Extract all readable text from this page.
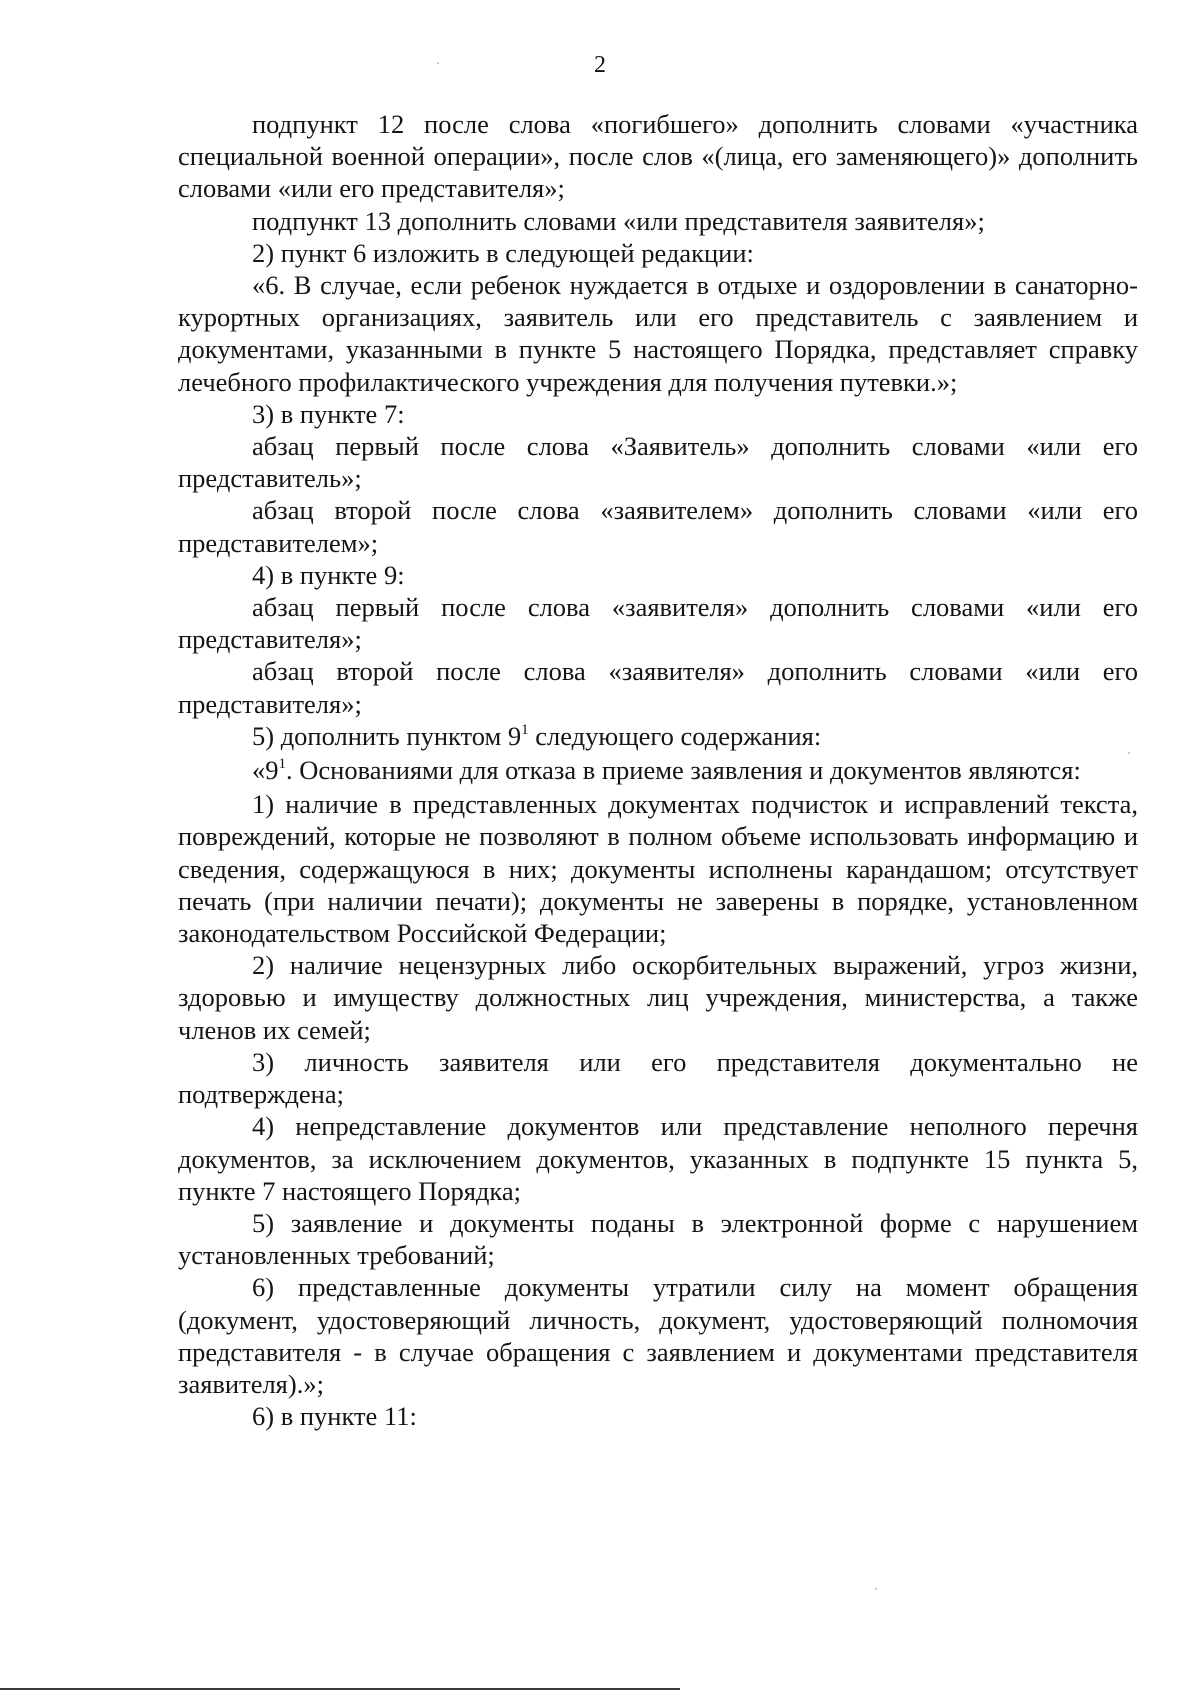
2

подпункт 12 после слова «погибшего» дополнить словами «участника специальной военной операции», после слов «(лица, его заменяющего)» дополнить словами «или его представителя»;

подпункт 13 дополнить словами «или представителя заявителя»;

2) пункт 6 изложить в следующей редакции:

«6. В случае, если ребенок нуждается в отдыхе и оздоровлении в санаторно-курортных организациях, заявитель или его представитель с заявлением и документами, указанными в пункте 5 настоящего Порядка, представляет справку лечебного профилактического учреждения для получения путевки.»;

3) в пункте 7:

абзац первый после слова «Заявитель» дополнить словами «или его представитель»;

абзац второй после слова «заявителем» дополнить словами «или его представителем»;

4) в пункте 9:

абзац первый после слова «заявителя» дополнить словами «или его представителя»;

абзац второй после слова «заявителя» дополнить словами «или его представителя»;

5) дополнить пунктом $9^1$ следующего содержания:

«$9^1$. Основаниями для отказа в приеме заявления и документов являются:

1) наличие в представленных документах подчисток и исправлений текста, повреждений, которые не позволяют в полном объеме использовать информацию и сведения, содержащуюся в них; документы исполнены карандашом; отсутствует печать (при наличии печати); документы не заверены в порядке, установленном законодательством Российской Федерации;

2) наличие нецензурных либо оскорбительных выражений, угроз жизни, здоровью и имуществу должностных лиц учреждения, министерства, а также членов их семей;

3) личность заявителя или его представителя документально не подтверждена;

4) непредставление документов или представление неполного перечня документов, за исключением документов, указанных в подпункте 15 пункта 5, пункте 7 настоящего Порядка;

5) заявление и документы поданы в электронной форме с нарушением установленных требований;

6) представленные документы утратили силу на момент обращения (документ, удостоверяющий личность, документ, удостоверяющий полномочия представителя - в случае обращения с заявлением и документами представителя заявителя).»;

6) в пункте 11:
